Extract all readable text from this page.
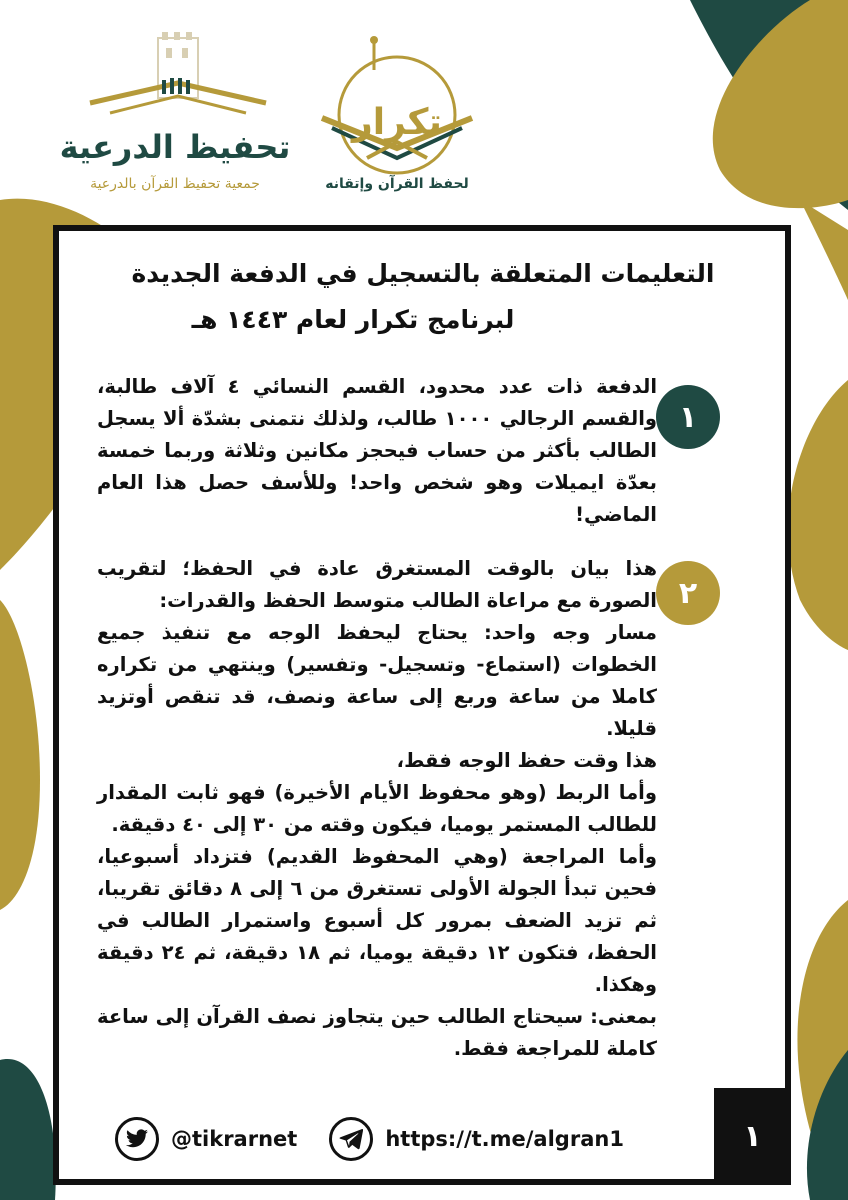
تكرار
لحفظ القرآن وإتقانه
تحفيظ الدرعية
جمعية تحفيظ القرآن بالدرعية
التعليمات المتعلقة بالتسجيل في الدفعة الجديدة
لبرنامج تكرار لعام ١٤٤٣ هـ
١

الدفعة ذات عدد محدود، القسم النسائي ٤ آلاف طالبة، والقسم الرجالي ١٠٠٠ طالب، ولذلك نتمنى بشدّة ألا يسجل الطالب بأكثر من حساب فيحجز مكانين وثلاثة وربما خمسة بعدّة ايميلات وهو شخص واحد! وللأسف حصل هذا العام الماضي!

٢

هذا بيان بالوقت المستغرق عادة في الحفظ؛ لتقريب الصورة مع مراعاة الطالب متوسط الحفظ والقدرات:

مسار وجه واحد: يحتاج ليحفظ الوجه مع تنفيذ جميع الخطوات (استماع- وتسجيل- وتفسير) وينتهي من تكراره كاملا من ساعة وربع إلى ساعة ونصف، قد تنقص أوتزيد قليلا.

هذا وقت حفظ الوجه فقط،

وأما الربط (وهو محفوظ الأيام الأخيرة) فهو ثابت المقدار للطالب المستمر يوميا، فيكون وقته من ٣٠ إلى ٤٠ دقيقة.

وأما المراجعة (وهي المحفوظ القديم) فتزداد أسبوعيا، فحين تبدأ الجولة الأولى تستغرق من ٦ إلى ٨ دقائق تقريبا، ثم تزيد الضعف بمرور كل أسبوع واستمرار الطالب في الحفظ، فتكون ١٢ دقيقة يوميا، ثم ١٨ دقيقة، ثم ٢٤ دقيقة وهكذا.

بمعنى: سيحتاج الطالب حين يتجاوز نصف القرآن إلى ساعة كاملة للمراجعة فقط.

@tikrarnet	https://t.me/algran1	١
